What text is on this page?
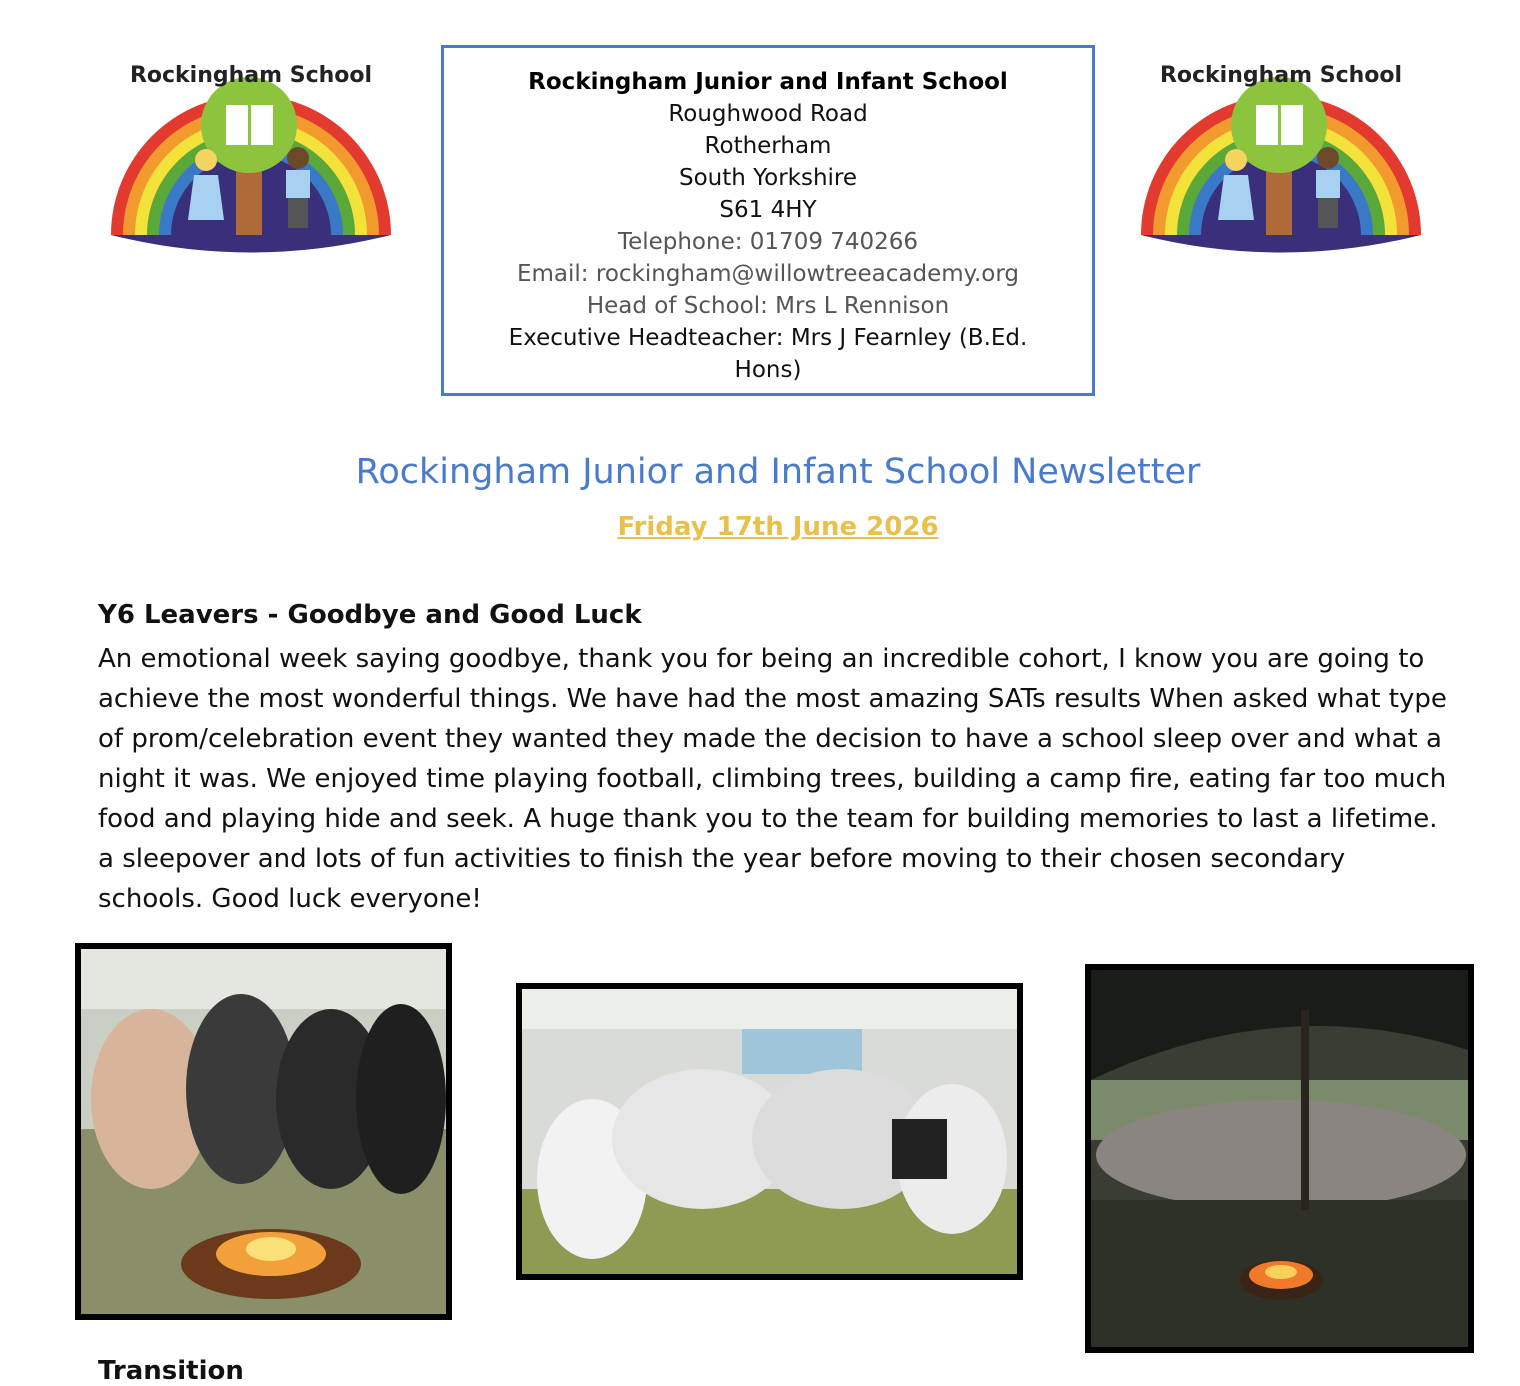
Rockingham School	Rockingham Junior and Infant School
Roughwood Road
Rotherham
South Yorkshire
S61 4HY
Telephone: 01709 740266
Email: rockingham@willowtreeacademy.org
Head of School: Mrs L Rennison
Executive Headteacher: Mrs J Fearnley (B.Ed.
Hons)
Rockingham School
Rockingham Junior and Infant School Newsletter
Friday 17th June 2026
Y6 Leavers - Goodbye and Good Luck
An emotional week saying goodbye, thank you for being an incredible cohort, I know you are going to achieve the most wonderful things. We have had the most amazing SATs results When asked what type of prom/celebration event they wanted they made the decision to have a school sleep over and what a night it was. We enjoyed time playing football, climbing trees, building a camp fire, eating far too much food and playing hide and seek. A huge thank you to the team for building memories to last a lifetime. a sleepover and lots of fun activities to finish the year before moving to their chosen secondary schools. Good luck everyone!
Transition
